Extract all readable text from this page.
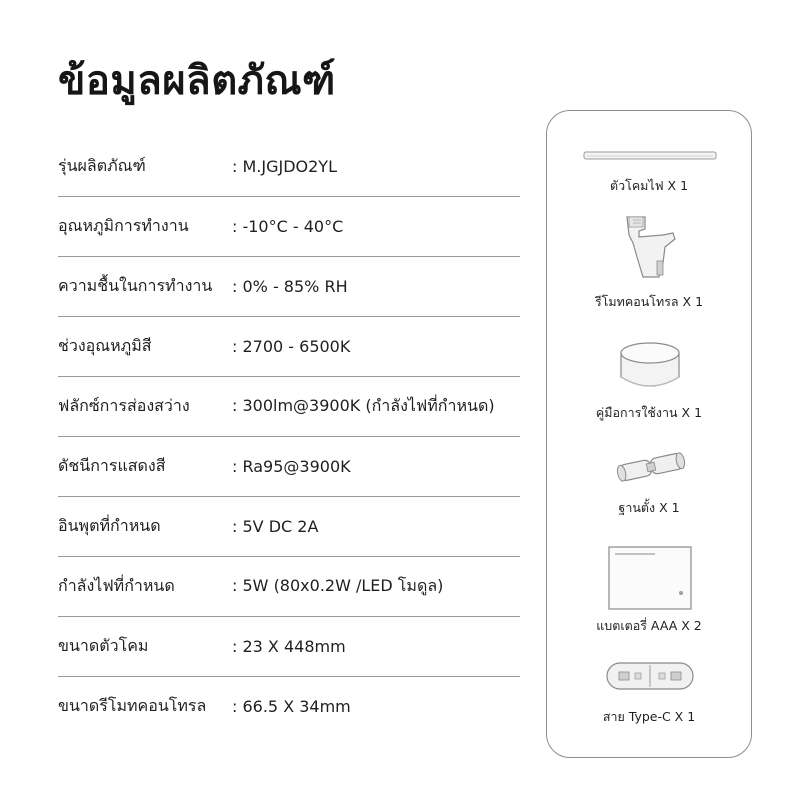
ข้อมูลผลิตภัณฑ์
รุ่นผลิตภัณฑ์	: M.JGJDO2YL
อุณหภูมิการทำงาน	: -10°C - 40°C
ความชื้นในการทำงาน	: 0% - 85% RH
ช่วงอุณหภูมิสี	: 2700 - 6500K
ฟลักซ์การส่องสว่าง	: 300lm@3900K (กำลังไฟที่กำหนด)
ดัชนีการแสดงสี	: Ra95@3900K
อินพุตที่กำหนด	: 5V DC 2A
กำลังไฟที่กำหนด	: 5W (80x0.2W /LED โมดูล)
ขนาดตัวโคม	: 23 X 448mm
ขนาดรีโมทคอนโทรล	: 66.5 X 34mm
ตัวโคมไฟ X 1
รีโมทคอนโทรล X 1
คู่มือการใช้งาน X 1
ฐานตั้ง X 1
แบตเตอรี่ AAA X 2
สาย Type-C X 1
